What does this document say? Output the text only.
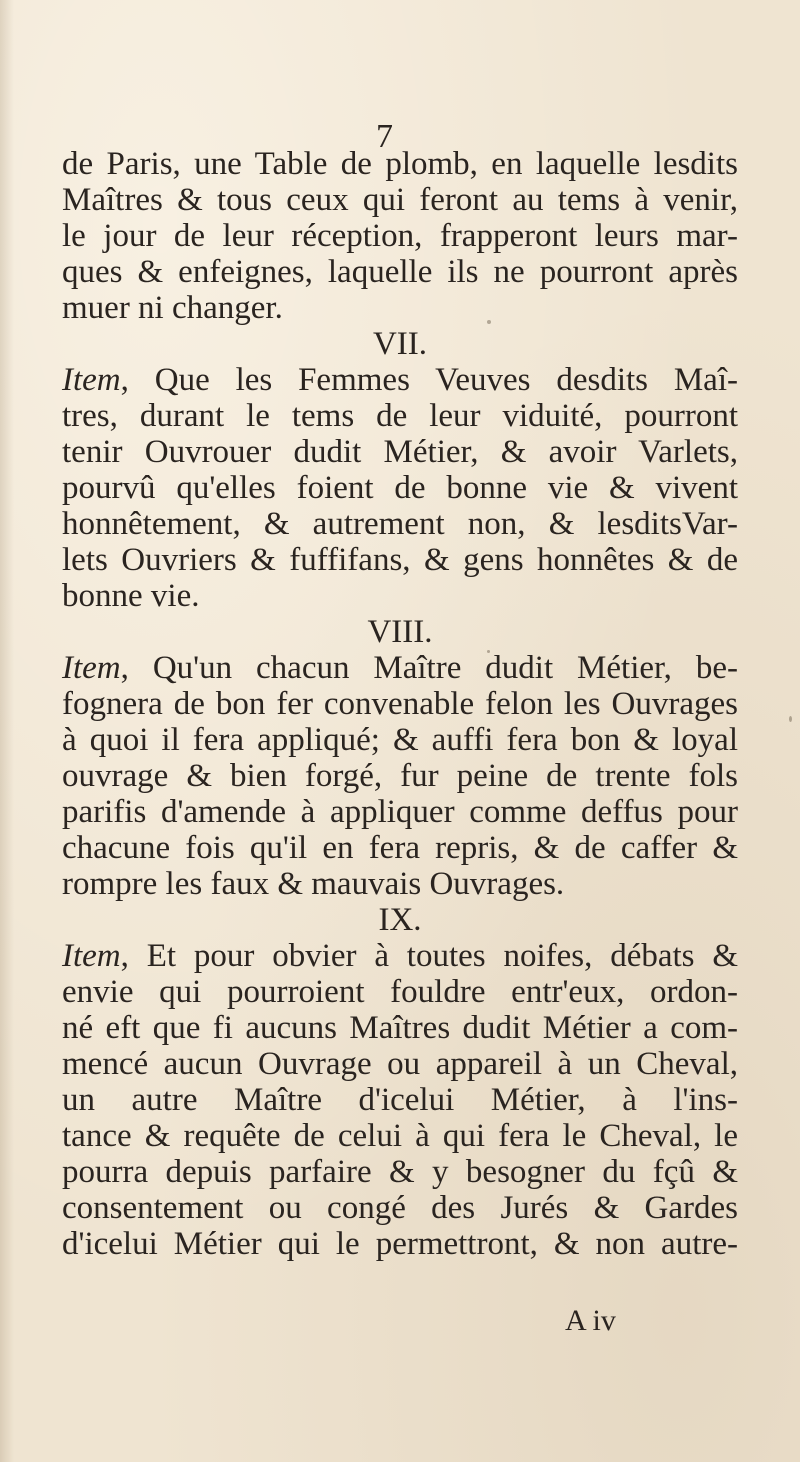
7
de Paris, une Table de plomb, en laquelle lesdits
Maîtres & tous ceux qui feront au tems à venir,
le jour de leur réception, frapperont leurs mar-
ques & enfeignes, laquelle ils ne pourront après
muer ni changer.
VII.
Item, Que les Femmes Veuves desdits Maî-
tres, durant le tems de leur viduité, pourront
tenir Ouvrouer dudit Métier, & avoir Varlets,
pourvû qu'elles foient de bonne vie & vivent
honnêtement, & autrement non, & lesditsVar-
lets Ouvriers & fuffifans, & gens honnêtes & de
bonne vie.
VIII.
Item, Qu'un chacun Maître dudit Métier, be-
fognera de bon fer convenable felon les Ouvrages
à quoi il fera appliqué; & auffi fera bon & loyal
ouvrage & bien forgé, fur peine de trente fols
parifis d'amende à appliquer comme deffus pour
chacune fois qu'il en fera repris, & de caffer &
rompre les faux & mauvais Ouvrages.
IX.
Item, Et pour obvier à toutes noifes, débats &
envie qui pourroient fouldre entr'eux, ordon-
né eft que fi aucuns Maîtres dudit Métier a com-
mencé aucun Ouvrage ou appareil à un Cheval,
un autre Maître d'icelui Métier, à l'ins-
tance & requête de celui à qui fera le Cheval, le
pourra depuis parfaire & y besogner du fçû &
consentement ou congé des Jurés & Gardes
d'icelui Métier qui le permettront, & non autre-
A iv
